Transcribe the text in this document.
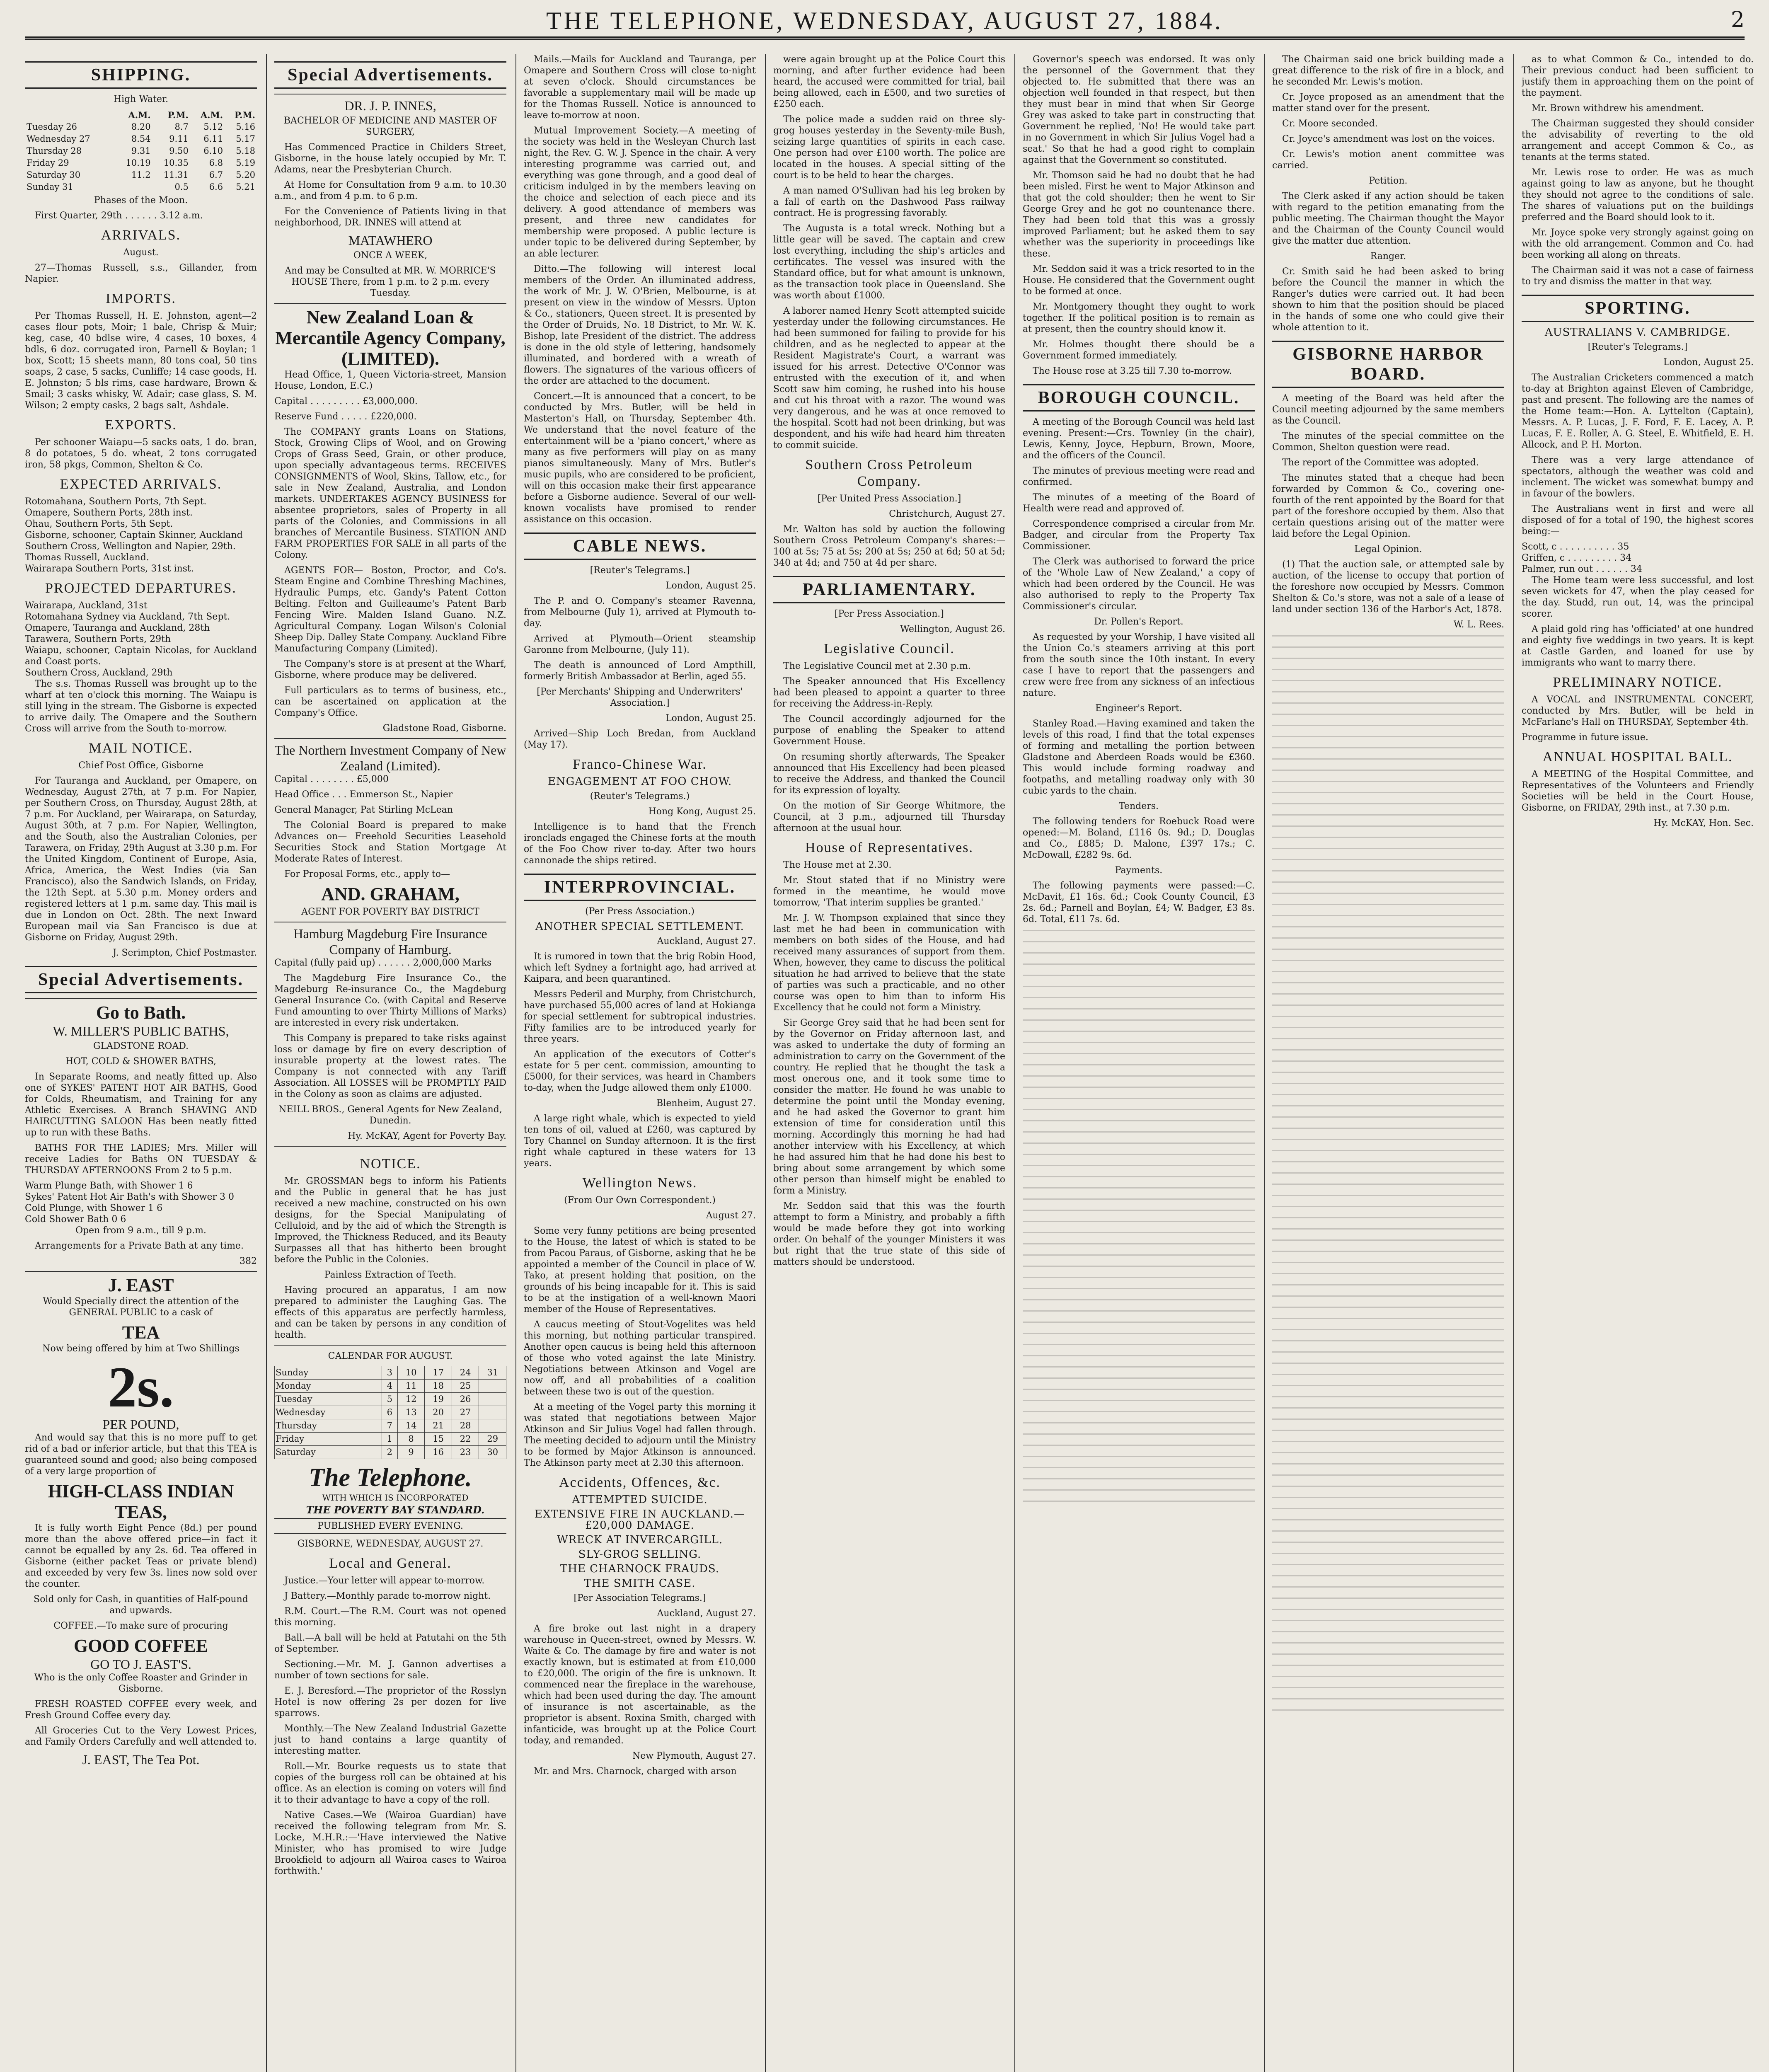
THE TELEPHONE, WEDNESDAY, AUGUST 27, 1884.	2
SHIPPING.
High Water.
	A.M.	P.M.	A.M.	P.M.
Tuesday 26	8.20	8.7	5.12	5.16
Wednesday 27	8.54	9.11	6.11	5.17
Thursday 28	9.31	9.50	6.10	5.18
Friday 29	10.19	10.35	6.8	5.19
Saturday 30	11.2	11.31	6.7	5.20
Sunday 31		0.5	6.6	5.21
Phases of the Moon.

First Quarter, 29th . . . . . . 3.12 a.m.

ARRIVALS.
August.

27—Thomas Russell, s.s., Gillander, from Napier.

IMPORTS.

Per Thomas Russell, H. E. Johnston, agent—2 cases flour pots, Moir; 1 bale, Chrisp & Muir; keg, case, 40 bdlse wire, 4 cases, 10 boxes, 4 bdls, 6 doz. corrugated iron, Parnell & Boylan; 1 box, Scott; 15 sheets mann, 80 tons coal, 50 tins soaps, 2 case, 5 sacks, Cunliffe; 14 case goods, H. E. Johnston; 5 bls rims, case hardware, Brown & Smail; 3 casks whisky, W. Adair; case glass, S. M. Wilson; 2 empty casks, 2 bags salt, Ashdale.

EXPORTS.

Per schooner Waiapu—5 sacks oats, 1 do. bran, 8 do potatoes, 5 do. wheat, 2 tons corrugated iron, 58 pkgs, Common, Shelton & Co.

EXPECTED ARRIVALS.
Rotomahana, Southern Ports, 7th Sept.
Omapere, Southern Ports, 28th inst.
Ohau, Southern Ports, 5th Sept.
Gisborne, schooner, Captain Skinner, Auckland
Southern Cross, Wellington and Napier, 29th.
Thomas Russell, Auckland.
Wairarapa Southern Ports, 31st inst.
PROJECTED DEPARTURES.
Wairarapa, Auckland, 31st
Rotomahana Sydney via Auckland, 7th Sept.
Omapere, Tauranga and Auckland, 28th
Tarawera, Southern Ports, 29th
Waiapu, schooner, Captain Nicolas, for Auckland and Coast ports.
Southern Cross, Auckland, 29th

The s.s. Thomas Russell was brought up to the wharf at ten o'clock this morning. The Waiapu is still lying in the stream. The Gisborne is expected to arrive daily. The Omapere and the Southern Cross will arrive from the South to-morrow.

MAIL NOTICE.
Chief Post Office, Gisborne

For Tauranga and Auckland, per Omapere, on Wednesday, August 27th, at 7 p.m. For Napier, per Southern Cross, on Thursday, August 28th, at 7 p.m. For Auckland, per Wairarapa, on Saturday, August 30th, at 7 p.m. For Napier, Wellington, and the South, also the Australian Colonies, per Tarawera, on Friday, 29th August at 3.30 p.m. For the United Kingdom, Continent of Europe, Asia, Africa, America, the West Indies (via San Francisco), also the Sandwich Islands, on Friday, the 12th Sept. at 5.30 p.m. Money orders and registered letters at 1 p.m. same day. This mail is due in London on Oct. 28th. The next Inward European mail via San Francisco is due at Gisborne on Friday, August 29th.

J. Serimpton, Chief Postmaster.

Special Advertisements.
Go to Bath.
W. MILLER'S PUBLIC BATHS,
GLADSTONE ROAD.
HOT, COLD & SHOWER BATHS,

In Separate Rooms, and neatly fitted up. Also one of SYKES' PATENT HOT AIR BATHS, Good for Colds, Rheumatism, and Training for any Athletic Exercises. A Branch SHAVING AND HAIRCUTTING SALOON Has been neatly fitted up to run with these Baths.

BATHS FOR THE LADIES; Mrs. Miller will receive Ladies for Baths ON TUESDAY & THURSDAY AFTERNOONS From 2 to 5 p.m.

Warm Plunge Bath, with Shower 1 6
Sykes' Patent Hot Air Bath's with Shower 3 0
Cold Plunge, with Shower 1 6
Cold Shower Bath 0 6

Open from 9 a.m., till 9 p.m.

Arrangements for a Private Bath at any time.

382

J. EAST

Would Specially direct the attention of the GENERAL PUBLIC to a cask of

TEA

Now being offered by him at Two Shillings

2s.
PER POUND,

And would say that this is no more puff to get rid of a bad or inferior article, but that this TEA is guaranteed sound and good; also being composed of a very large proportion of

HIGH-CLASS INDIAN TEAS,

It is fully worth Eight Pence (8d.) per pound more than the above offered price—in fact it cannot be equalled by any 2s. 6d. Tea offered in Gisborne (either packet Teas or private blend) and exceeded by very few 3s. lines now sold over the counter.

Sold only for Cash, in quantities of Half-pound and upwards.

COFFEE.—To make sure of procuring

GOOD COFFEE
GO TO J. EAST'S.

Who is the only Coffee Roaster and Grinder in Gisborne.

FRESH ROASTED COFFEE every week, and Fresh Ground Coffee every day.

All Groceries Cut to the Very Lowest Prices, and Family Orders Carefully and well attended to.

J. EAST, The Tea Pot.
Special Advertisements.
DR. J. P. INNES,
BACHELOR OF MEDICINE AND MASTER OF SURGERY,

Has Commenced Practice in Childers Street, Gisborne, in the house lately occupied by Mr. T. Adams, near the Presbyterian Church.

At Home for Consultation from 9 a.m. to 10.30 a.m., and from 4 p.m. to 6 p.m.

For the Convenience of Patients living in that neighborhood, DR. INNES will attend at

MATAWHERO
ONCE A WEEK,

And may be Consulted at MR. W. MORRICE'S HOUSE There, from 1 p.m. to 2 p.m. every Tuesday.

New Zealand Loan & Mercantile Agency Company, (LIMITED).

Head Office, 1, Queen Victoria-street, Mansion House, London, E.C.)

Capital . . . . . . . . . £3,000,000.

Reserve Fund . . . . . £220,000.

The COMPANY grants Loans on Stations, Stock, Growing Clips of Wool, and on Growing Crops of Grass Seed, Grain, or other produce, upon specially advantageous terms. RECEIVES CONSIGNMENTS of Wool, Skins, Tallow, etc., for sale in New Zealand, Australia, and London markets. UNDERTAKES AGENCY BUSINESS for absentee proprietors, sales of Property in all parts of the Colonies, and Commissions in all branches of Mercantile Business. STATION AND FARM PROPERTIES FOR SALE in all parts of the Colony.

AGENTS FOR— Boston, Proctor, and Co's. Steam Engine and Combine Threshing Machines, Hydraulic Pumps, etc. Gandy's Patent Cotton Belting. Felton and Guilleaume's Patent Barb Fencing Wire. Malden Island Guano. N.Z. Agricultural Company. Logan Wilson's Colonial Sheep Dip. Dalley State Company. Auckland Fibre Manufacturing Company (Limited).

The Company's store is at present at the Wharf, Gisborne, where produce may be delivered.

Full particulars as to terms of business, etc., can be ascertained on application at the Company's Office.

Gladstone Road, Gisborne.

The Northern Investment Company of New Zealand (Limited).

Capital . . . . . . . . £5,000

Head Office . . . Emmerson St., Napier

General Manager, Pat Stirling McLean

The Colonial Board is prepared to make Advances on— Freehold Securities Leasehold Securities Stock and Station Mortgage At Moderate Rates of Interest.

For Proposal Forms, etc., apply to—

AND. GRAHAM,
AGENT FOR POVERTY BAY DISTRICT
Hamburg Magdeburg Fire Insurance Company of Hamburg.

Capital (fully paid up) . . . . . . 2,000,000 Marks

The Magdeburg Fire Insurance Co., the Magdeburg Re-insurance Co., the Magdeburg General Insurance Co. (with Capital and Reserve Fund amounting to over Thirty Millions of Marks) are interested in every risk undertaken.

This Company is prepared to take risks against loss or damage by fire on every description of insurable property at the lowest rates. The Company is not connected with any Tariff Association. All LOSSES will be PROMPTLY PAID in the Colony as soon as claims are adjusted.

NEILL BROS., General Agents for New Zealand, Dunedin.

Hy. McKAY, Agent for Poverty Bay.

NOTICE.

Mr. GROSSMAN begs to inform his Patients and the Public in general that he has just received a new machine, constructed on his own designs, for the Special Manipulating of Celluloid, and by the aid of which the Strength is Improved, the Thickness Reduced, and its Beauty Surpasses all that has hitherto been brought before the Public in the Colonies.

Painless Extraction of Teeth.

Having procured an apparatus, I am now prepared to administer the Laughing Gas. The effects of this apparatus are perfectly harmless, and can be taken by persons in any condition of health.

CALENDAR FOR AUGUST.
Sunday	3	10	17	24	31
Monday	4	11	18	25	
Tuesday	5	12	19	26	
Wednesday	6	13	20	27	
Thursday	7	14	21	28	
Friday	1	8	15	22	29
Saturday	2	9	16	23	30
The Telephone.

WITH WHICH IS INCORPORATED

THE POVERTY BAY STANDARD.

PUBLISHED EVERY EVENING.
GISBORNE, WEDNESDAY, AUGUST 27.
Local and General.

Justice.—Your letter will appear to-morrow.

J Battery.—Monthly parade to-morrow night.

R.M. Court.—The R.M. Court was not opened this morning.

Ball.—A ball will be held at Patutahi on the 5th of September.

Sectioning.—Mr. M. J. Gannon advertises a number of town sections for sale.

E. J. Beresford.—The proprietor of the Rosslyn Hotel is now offering 2s per dozen for live sparrows.

Monthly.—The New Zealand Industrial Gazette just to hand contains a large quantity of interesting matter.

Roll.—Mr. Bourke requests us to state that copies of the burgess roll can be obtained at his office. As an election is coming on voters will find it to their advantage to have a copy of the roll.

Native Cases.—We (Wairoa Guardian) have received the following telegram from Mr. S. Locke, M.H.R.:—'Have interviewed the Native Minister, who has promised to wire Judge Brookfield to adjourn all Wairoa cases to Wairoa forthwith.'

Mails.—Mails for Auckland and Tauranga, per Omapere and Southern Cross will close to-night at seven o'clock. Should circumstances be favorable a supplementary mail will be made up for the Thomas Russell. Notice is announced to leave to-morrow at noon.

Mutual Improvement Society.—A meeting of the society was held in the Wesleyan Church last night, the Rev. G. W. J. Spence in the chair. A very interesting programme was carried out, and everything was gone through, and a good deal of criticism indulged in by the members leaving on the choice and selection of each piece and its delivery. A good attendance of members was present, and three new candidates for membership were proposed. A public lecture is under topic to be delivered during September, by an able lecturer.

Ditto.—The following will interest local members of the Order. An illuminated address, the work of Mr. J. W. O'Brien, Melbourne, is at present on view in the window of Messrs. Upton & Co., stationers, Queen street. It is presented by the Order of Druids, No. 18 District, to Mr. W. K. Bishop, late President of the district. The address is done in the old style of lettering, handsomely illuminated, and bordered with a wreath of flowers. The signatures of the various officers of the order are attached to the document.

Concert.—It is announced that a concert, to be conducted by Mrs. Butler, will be held in Masterton's Hall, on Thursday, September 4th. We understand that the novel feature of the entertainment will be a 'piano concert,' where as many as five performers will play on as many pianos simultaneously. Many of Mrs. Butler's music pupils, who are considered to be proficient, will on this occasion make their first appearance before a Gisborne audience. Several of our well-known vocalists have promised to render assistance on this occasion.

CABLE NEWS.
[Reuter's Telegrams.]

London, August 25.

The P. and O. Company's steamer Ravenna, from Melbourne (July 1), arrived at Plymouth to-day.

Arrived at Plymouth—Orient steamship Garonne from Melbourne, (July 11).

The death is announced of Lord Ampthill, formerly British Ambassador at Berlin, aged 55.

[Per Merchants' Shipping and Underwriters' Association.]

London, August 25.

Arrived—Ship Loch Bredan, from Auckland (May 17).

Franco-Chinese War.
ENGAGEMENT AT FOO CHOW.
(Reuter's Telegrams.)

Hong Kong, August 25.

Intelligence is to hand that the French ironclads engaged the Chinese forts at the mouth of the Foo Chow river to-day. After two hours cannonade the ships retired.

INTERPROVINCIAL.
(Per Press Association.)
ANOTHER SPECIAL SETTLEMENT.

Auckland, August 27.

It is rumored in town that the brig Robin Hood, which left Sydney a fortnight ago, had arrived at Kaipara, and been quarantined.

Messrs Pederil and Murphy, from Christchurch, have purchased 55,000 acres of land at Hokianga for special settlement for subtropical industries. Fifty families are to be introduced yearly for three years.

An application of the executors of Cotter's estate for 5 per cent. commission, amounting to £5000, for their services, was heard in Chambers to-day, when the Judge allowed them only £1000.

Blenheim, August 27.

A large right whale, which is expected to yield ten tons of oil, valued at £260, was captured by Tory Channel on Sunday afternoon. It is the first right whale captured in these waters for 13 years.

Wellington News.
(From Our Own Correspondent.)

August 27.

Some very funny petitions are being presented to the House, the latest of which is stated to be from Pacou Paraus, of Gisborne, asking that he be appointed a member of the Council in place of W. Tako, at present holding that position, on the grounds of his being incapable for it. This is said to be at the instigation of a well-known Maori member of the House of Representatives.

A caucus meeting of Stout-Vogelites was held this morning, but nothing particular transpired. Another open caucus is being held this afternoon of those who voted against the late Ministry. Negotiations between Atkinson and Vogel are now off, and all probabilities of a coalition between these two is out of the question.

At a meeting of the Vogel party this morning it was stated that negotiations between Major Atkinson and Sir Julius Vogel had fallen through. The meeting decided to adjourn until the Ministry to be formed by Major Atkinson is announced. The Atkinson party meet at 2.30 this afternoon.

Accidents, Offences, &c.
ATTEMPTED SUICIDE.
EXTENSIVE FIRE IN AUCKLAND.—£20,000 DAMAGE.
WRECK AT INVERCARGILL.
SLY-GROG SELLING.
THE CHARNOCK FRAUDS.
THE SMITH CASE.
[Per Association Telegrams.]

Auckland, August 27.

A fire broke out last night in a drapery warehouse in Queen-street, owned by Messrs. W. Waite & Co. The damage by fire and water is not exactly known, but is estimated at from £10,000 to £20,000. The origin of the fire is unknown. It commenced near the fireplace in the warehouse, which had been used during the day. The amount of insurance is not ascertainable, as the proprietor is absent. Roxina Smith, charged with infanticide, was brought up at the Police Court today, and remanded.

New Plymouth, August 27.

Mr. and Mrs. Charnock, charged with arson

were again brought up at the Police Court this morning, and after further evidence had been heard, the accused were committed for trial, bail being allowed, each in £500, and two sureties of £250 each.

The police made a sudden raid on three sly-grog houses yesterday in the Seventy-mile Bush, seizing large quantities of spirits in each case. One person had over £100 worth. The police are located in the houses. A special sitting of the court is to be held to hear the charges.

A man named O'Sullivan had his leg broken by a fall of earth on the Dashwood Pass railway contract. He is progressing favorably.

The Augusta is a total wreck. Nothing but a little gear will be saved. The captain and crew lost everything, including the ship's articles and certificates. The vessel was insured with the Standard office, but for what amount is unknown, as the transaction took place in Queensland. She was worth about £1000.

A laborer named Henry Scott attempted suicide yesterday under the following circumstances. He had been summoned for failing to provide for his children, and as he neglected to appear at the Resident Magistrate's Court, a warrant was issued for his arrest. Detective O'Connor was entrusted with the execution of it, and when Scott saw him coming, he rushed into his house and cut his throat with a razor. The wound was very dangerous, and he was at once removed to the hospital. Scott had not been drinking, but was despondent, and his wife had heard him threaten to commit suicide.

Southern Cross Petroleum Company.
[Per United Press Association.]

Christchurch, August 27.

Mr. Walton has sold by auction the following Southern Cross Petroleum Company's shares:—100 at 5s; 75 at 5s; 200 at 5s; 250 at 6d; 50 at 5d; 340 at 4d; and 750 at 4d per share.

PARLIAMENTARY.
[Per Press Association.]

Wellington, August 26.

Legislative Council.

The Legislative Council met at 2.30 p.m.

The Speaker announced that His Excellency had been pleased to appoint a quarter to three for receiving the Address-in-Reply.

The Council accordingly adjourned for the purpose of enabling the Speaker to attend Government House.

On resuming shortly afterwards, The Speaker announced that His Excellency had been pleased to receive the Address, and thanked the Council for its expression of loyalty.

On the motion of Sir George Whitmore, the Council, at 3 p.m., adjourned till Thursday afternoon at the usual hour.

House of Representatives.

The House met at 2.30.

Mr. Stout stated that if no Ministry were formed in the meantime, he would move tomorrow, 'That interim supplies be granted.'

Mr. J. W. Thompson explained that since they last met he had been in communication with members on both sides of the House, and had received many assurances of support from them. When, however, they came to discuss the political situation he had arrived to believe that the state of parties was such a practicable, and no other course was open to him than to inform His Excellency that he could not form a Ministry.

Sir George Grey said that he had been sent for by the Governor on Friday afternoon last, and was asked to undertake the duty of forming an administration to carry on the Government of the country. He replied that he thought the task a most onerous one, and it took some time to consider the matter. He found he was unable to determine the point until the Monday evening, and he had asked the Governor to grant him extension of time for consideration until this morning. Accordingly this morning he had had another interview with his Excellency, at which he had assured him that he had done his best to bring about some arrangement by which some other person than himself might be enabled to form a Ministry.

Mr. Seddon said that this was the fourth attempt to form a Ministry, and probably a fifth would be made before they got into working order. On behalf of the younger Ministers it was but right that the true state of this side of matters should be understood.

Governor's speech was endorsed. It was only the personnel of the Government that they objected to. He submitted that there was an objection well founded in that respect, but then they must bear in mind that when Sir George Grey was asked to take part in constructing that Government he replied, 'No! He would take part in no Government in which Sir Julius Vogel had a seat.' So that he had a good right to complain against that the Government so constituted.

Mr. Thomson said he had no doubt that he had been misled. First he went to Major Atkinson and that got the cold shoulder; then he went to Sir George Grey and he got no countenance there. They had been told that this was a grossly improved Parliament; but he asked them to say whether was the superiority in proceedings like these.

Mr. Seddon said it was a trick resorted to in the House. He considered that the Government ought to be formed at once.

Mr. Montgomery thought they ought to work together. If the political position is to remain as at present, then the country should know it.

Mr. Holmes thought there should be a Government formed immediately.

The House rose at 3.25 till 7.30 to-morrow.

BOROUGH COUNCIL.

A meeting of the Borough Council was held last evening. Present:—Crs. Townley (in the chair), Lewis, Kenny, Joyce, Hepburn, Brown, Moore, and the officers of the Council.

The minutes of previous meeting were read and confirmed.

The minutes of a meeting of the Board of Health were read and approved of.

Correspondence comprised a circular from Mr. Badger, and circular from the Property Tax Commissioner.

The Clerk was authorised to forward the price of the 'Whole Law of New Zealand,' a copy of which had been ordered by the Council. He was also authorised to reply to the Property Tax Commissioner's circular.

Dr. Pollen's Report.

As requested by your Worship, I have visited all the Union Co.'s steamers arriving at this port from the south since the 10th instant. In every case I have to report that the passengers and crew were free from any sickness of an infectious nature.

Engineer's Report.

Stanley Road.—Having examined and taken the levels of this road, I find that the total expenses of forming and metalling the portion between Gladstone and Aberdeen Roads would be £360. This would include forming roadway and footpaths, and metalling roadway only with 30 cubic yards to the chain.

Tenders.

The following tenders for Roebuck Road were opened:—M. Boland, £116 0s. 9d.; D. Douglas and Co., £885; D. Malone, £397 17s.; C. McDowall, £282 9s. 6d.

Payments.

The following payments were passed:—C. McDavit, £1 16s. 6d.; Cook County Council, £3 2s. 6d.; Parnell and Boylan, £4; W. Badger, £3 8s. 6d. Total, £11 7s. 6d.

The Chairman said one brick building made a great difference to the risk of fire in a block, and he seconded Mr. Lewis's motion.

Cr. Joyce proposed as an amendment that the matter stand over for the present.

Cr. Moore seconded.

Cr. Joyce's amendment was lost on the voices.

Cr. Lewis's motion anent committee was carried.

Petition.

The Clerk asked if any action should be taken with regard to the petition emanating from the public meeting. The Chairman thought the Mayor and the Chairman of the County Council would give the matter due attention.

Ranger.

Cr. Smith said he had been asked to bring before the Council the manner in which the Ranger's duties were carried out. It had been shown to him that the position should be placed in the hands of some one who could give their whole attention to it.

GISBORNE HARBOR BOARD.

A meeting of the Board was held after the Council meeting adjourned by the same members as the Council.

The minutes of the special committee on the Common, Shelton question were read.

The report of the Committee was adopted.

The minutes stated that a cheque had been forwarded by Common & Co., covering one-fourth of the rent appointed by the Board for that part of the foreshore occupied by them. Also that certain questions arising out of the matter were laid before the Legal Opinion.

Legal Opinion.

(1) That the auction sale, or attempted sale by auction, of the license to occupy that portion of the foreshore now occupied by Messrs. Common Shelton & Co.'s store, was not a sale of a lease of land under section 136 of the Harbor's Act, 1878.

W. L. Rees.

as to what Common & Co., intended to do. Their previous conduct had been sufficient to justify them in approaching them on the point of the payment.

Mr. Brown withdrew his amendment.

The Chairman suggested they should consider the advisability of reverting to the old arrangement and accept Common & Co., as tenants at the terms stated.

Mr. Lewis rose to order. He was as much against going to law as anyone, but he thought they should not agree to the conditions of sale. The shares of valuations put on the buildings preferred and the Board should look to it.

Mr. Joyce spoke very strongly against going on with the old arrangement. Common and Co. had been working all along on threats.

The Chairman said it was not a case of fairness to try and dismiss the matter in that way.

SPORTING.
AUSTRALIANS V. CAMBRIDGE.
[Reuter's Telegrams.]

London, August 25.

The Australian Cricketers commenced a match to-day at Brighton against Eleven of Cambridge, past and present. The following are the names of the Home team:—Hon. A. Lyttelton (Captain), Messrs. A. P. Lucas, J. F. Ford, F. E. Lacey, A. P. Lucas, F. E. Roller, A. G. Steel, E. Whitfield, E. H. Allcock, and P. H. Morton.

There was a very large attendance of spectators, although the weather was cold and inclement. The wicket was somewhat bumpy and in favour of the bowlers.

The Australians went in first and were all disposed of for a total of 190, the highest scores being:—

Scott, c . . . . . . . . . . 35
Griffen, c . . . . . . . . . 34
Palmer, run out . . . . . . 34

The Home team were less successful, and lost seven wickets for 47, when the play ceased for the day. Studd, run out, 14, was the principal scorer.

A plaid gold ring has 'officiated' at one hundred and eighty five weddings in two years. It is kept at Castle Garden, and loaned for use by immigrants who want to marry there.

PRELIMINARY NOTICE.

A VOCAL and INSTRUMENTAL CONCERT, conducted by Mrs. Butler, will be held in McFarlane's Hall on THURSDAY, September 4th.

Programme in future issue.

ANNUAL HOSPITAL BALL.

A MEETING of the Hospital Committee, and Representatives of the Volunteers and Friendly Societies will be held in the Court House, Gisborne, on FRIDAY, 29th inst., at 7.30 p.m.

Hy. McKAY, Hon. Sec.
